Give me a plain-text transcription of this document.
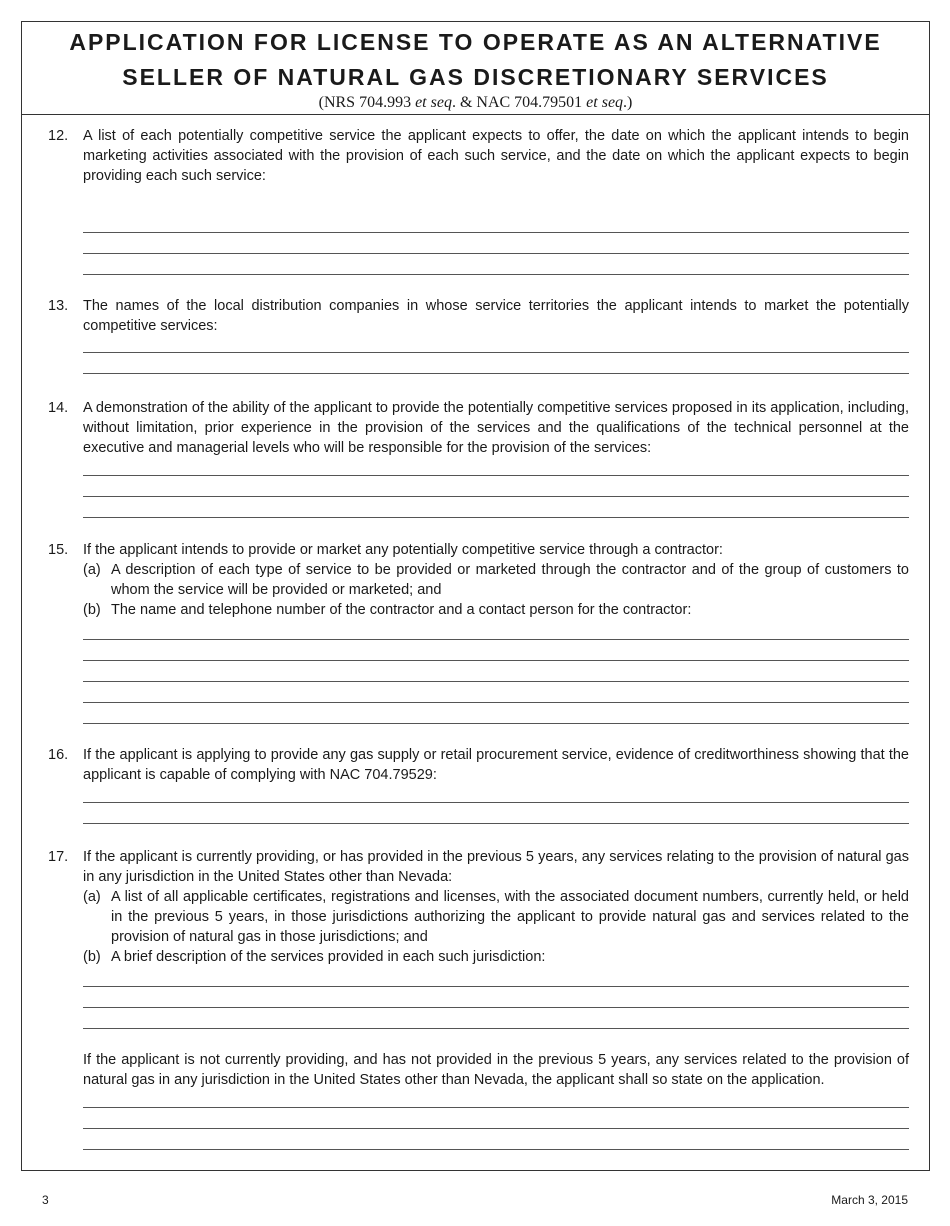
APPLICATION FOR LICENSE TO OPERATE AS AN ALTERNATIVE
SELLER OF NATURAL GAS DISCRETIONARY SERVICES
(NRS 704.993 et seq. & NAC 704.79501 et seq.)
12.	A list of each potentially competitive service the applicant expects to offer, the date on which the applicant intends to begin marketing activities associated with the provision of each such service, and the date on which the applicant expects to begin providing each such service:
13.	The names of the local distribution companies in whose service territories the applicant intends to market the potentially competitive services:
14.	A demonstration of the ability of the applicant to provide the potentially competitive services proposed in its application, including, without limitation, prior experience in the provision of the services and the qualifications of the technical personnel at the executive and managerial levels who will be responsible for the provision of the services:
15.	If the applicant intends to provide or market any potentially competitive service through a contractor:
(a) A description of each type of service to be provided or marketed through the contractor and of the group of customers to whom the service will be provided or marketed; and
(b) The name and telephone number of the contractor and a contact person for the contractor:
16.	If the applicant is applying to provide any gas supply or retail procurement service, evidence of creditworthiness showing that the applicant is capable of complying with NAC 704.79529:
17.	If the applicant is currently providing, or has provided in the previous 5 years, any services relating to the provision of natural gas in any jurisdiction in the United States other than Nevada:
(a) A list of all applicable certificates, registrations and licenses, with the associated document numbers, currently held, or held in the previous 5 years, in those jurisdictions authorizing the applicant to provide natural gas and services related to the provision of natural gas in those jurisdictions; and
(b) A brief description of the services provided in each such jurisdiction:
If the applicant is not currently providing, and has not provided in the previous 5 years, any services related to the provision of natural gas in any jurisdiction in the United States other than Nevada, the applicant shall so state on the application.
3	March 3, 2015
